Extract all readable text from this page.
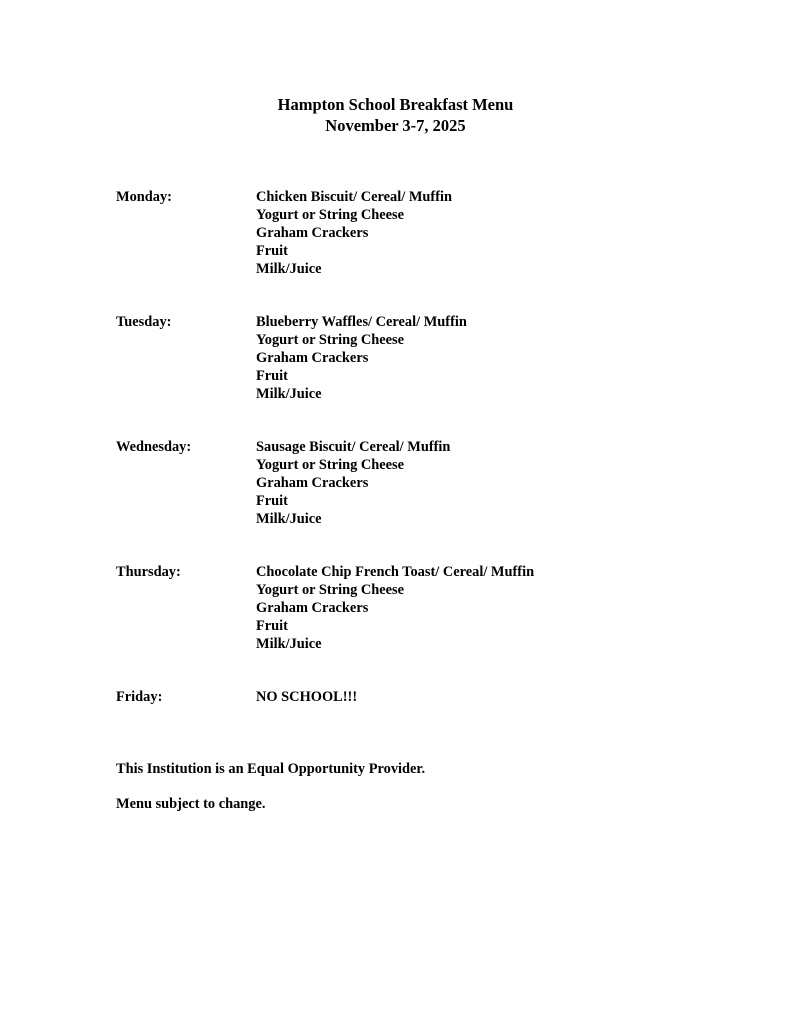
Hampton School Breakfast Menu
November 3-7, 2025
Monday:	Chicken Biscuit/ Cereal/ Muffin
Yogurt or String Cheese
Graham Crackers
Fruit
Milk/Juice
Tuesday:	Blueberry Waffles/ Cereal/ Muffin
Yogurt or String Cheese
Graham Crackers
Fruit
Milk/Juice
Wednesday:	Sausage Biscuit/ Cereal/ Muffin
Yogurt or String Cheese
Graham Crackers
Fruit
Milk/Juice
Thursday:	Chocolate Chip French Toast/ Cereal/ Muffin
Yogurt or String Cheese
Graham Crackers
Fruit
Milk/Juice
Friday:	NO SCHOOL!!!
This Institution is an Equal Opportunity Provider.
Menu subject to change.
